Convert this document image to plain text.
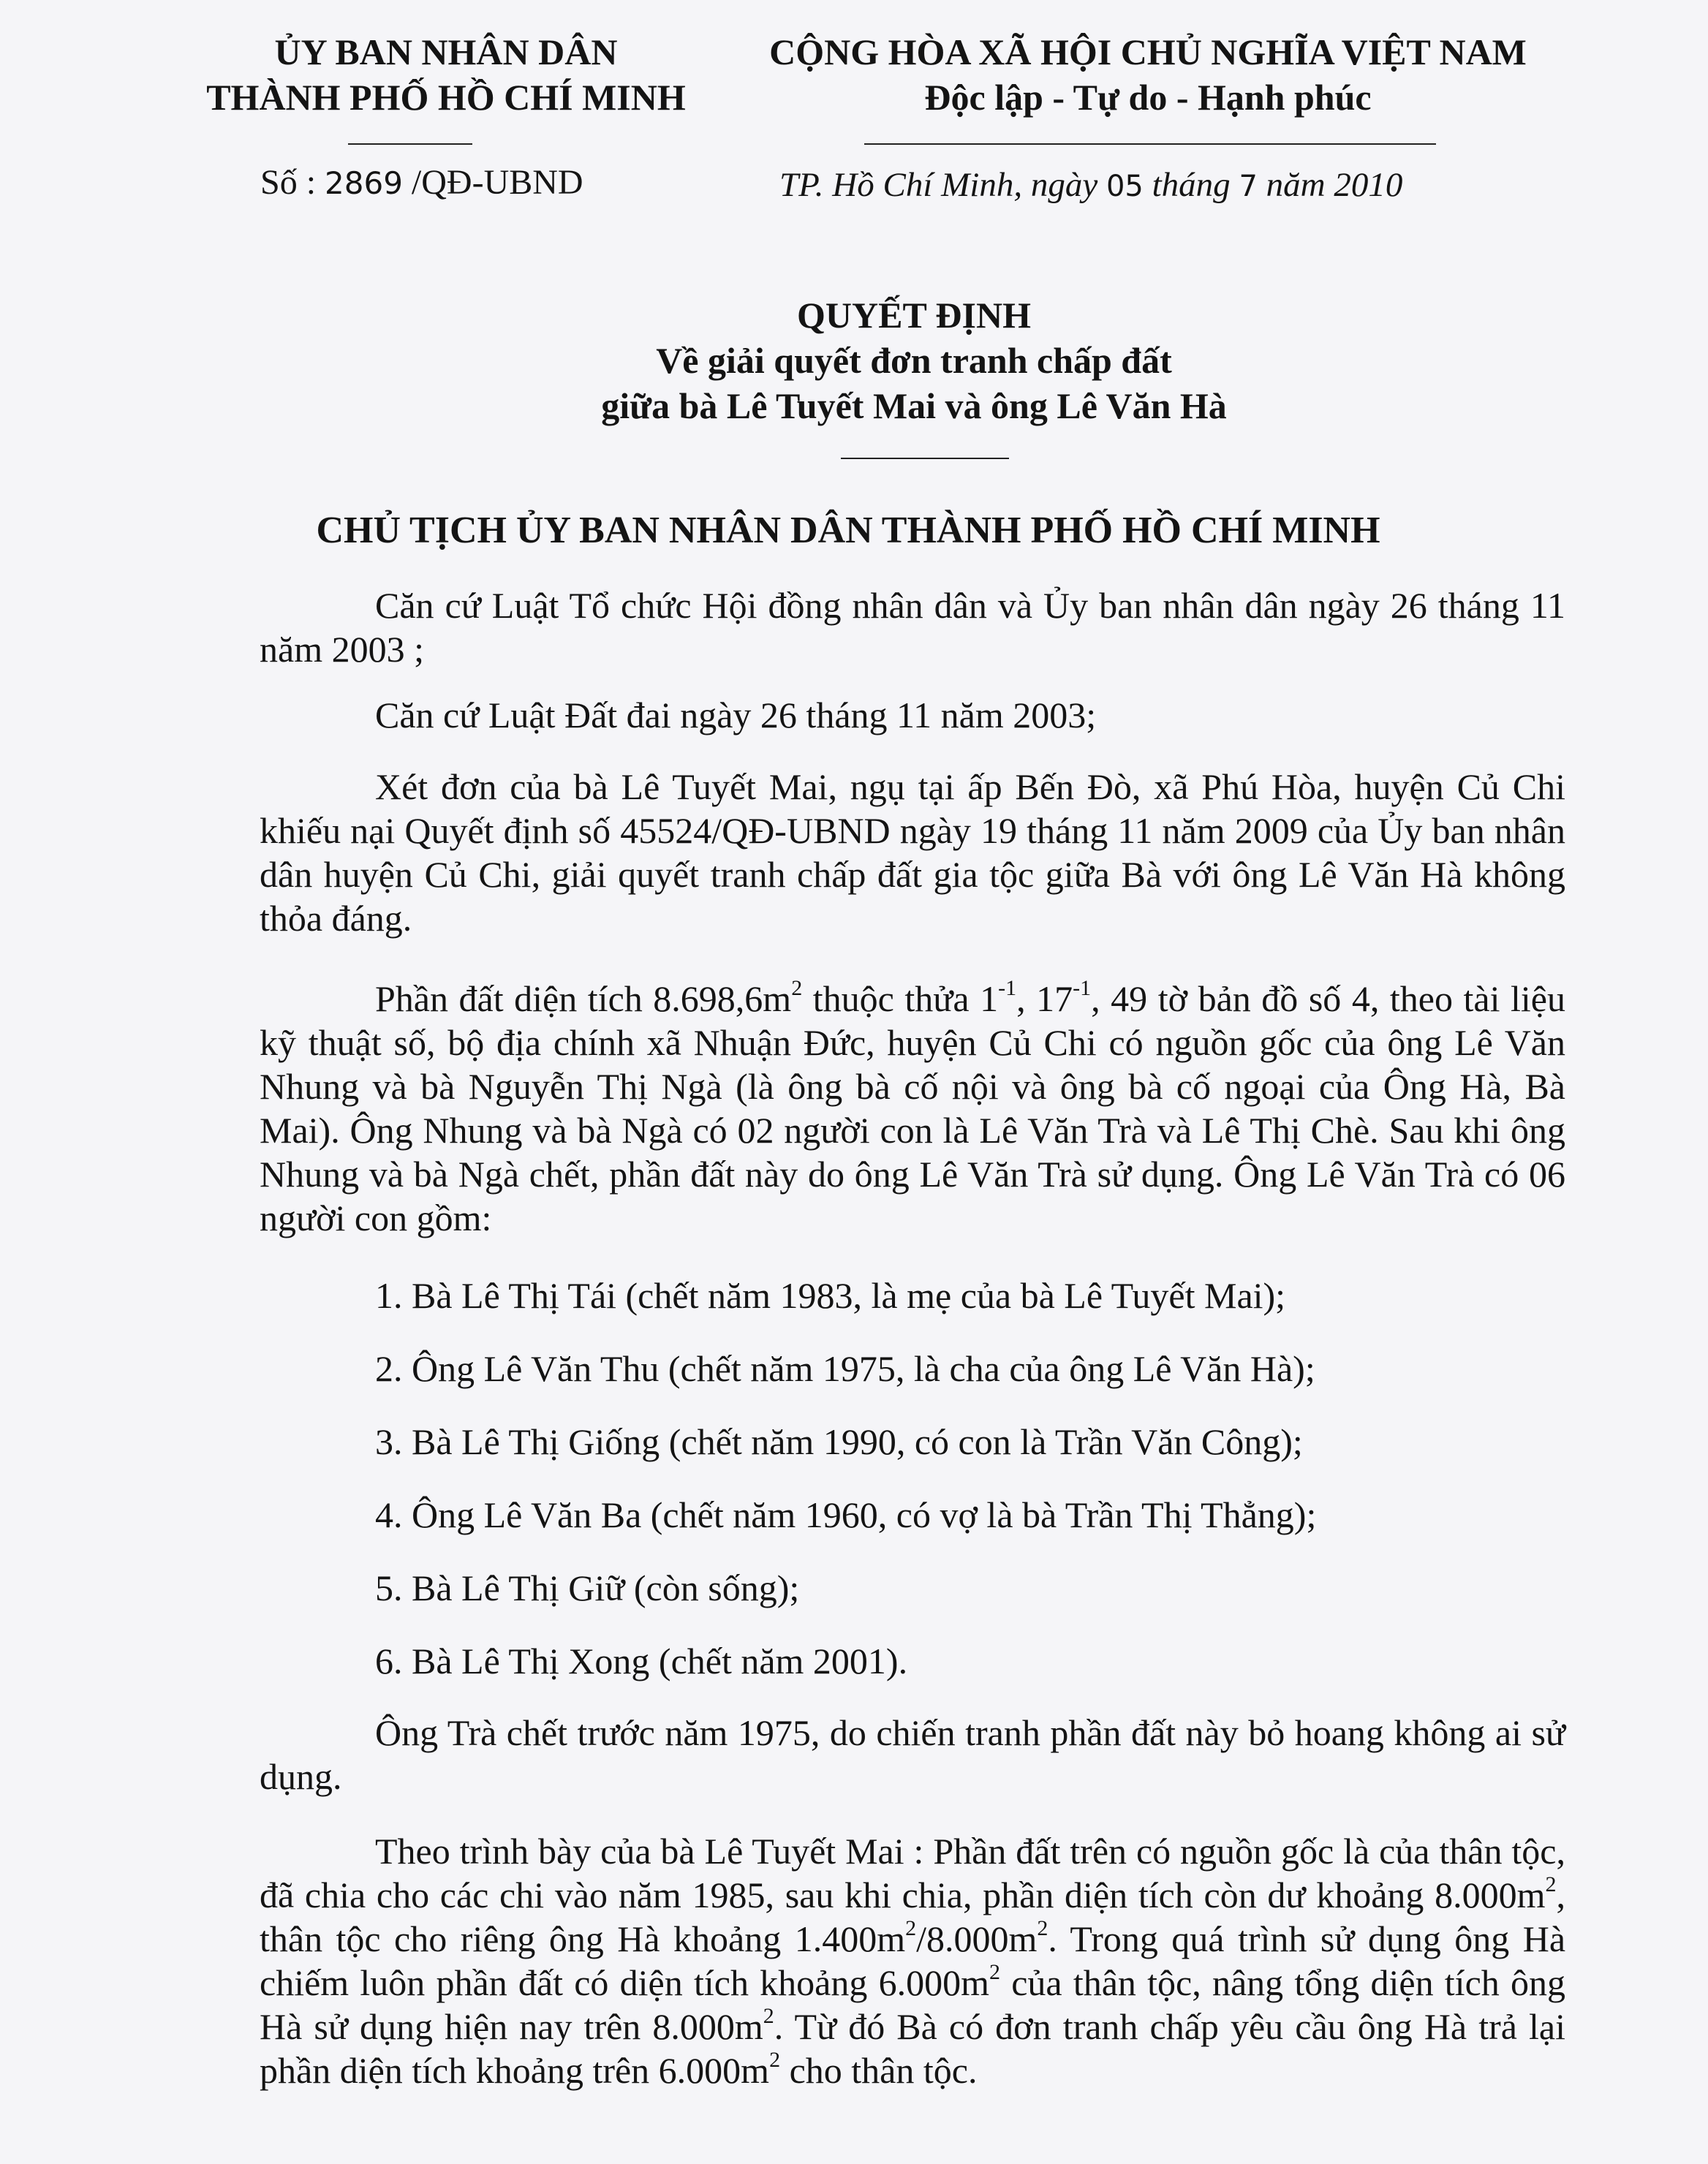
ỦY BAN NHÂN DÂN
THÀNH PHỐ HỒ CHÍ MINH
CỘNG HÒA XÃ HỘI CHỦ NGHĨA VIỆT NAM
Độc lập - Tự do - Hạnh phúc
Số : 2869 /QĐ-UBND	TP. Hồ Chí Minh, ngày 05 tháng 7 năm 2010
QUYẾT ĐỊNH
Về giải quyết đơn tranh chấp đất
giữa bà Lê Tuyết Mai và ông Lê Văn Hà
CHỦ TỊCH ỦY BAN NHÂN DÂN THÀNH PHỐ HỒ CHÍ MINH

Căn cứ Luật Tổ chức Hội đồng nhân dân và Ủy ban nhân dân ngày 26 tháng 11 năm 2003 ;

Căn cứ Luật Đất đai ngày 26 tháng 11 năm 2003;

Xét đơn của bà Lê Tuyết Mai, ngụ tại ấp Bến Đò, xã Phú Hòa, huyện Củ Chi khiếu nại Quyết định số 45524/QĐ-UBND ngày 19 tháng 11 năm 2009 của Ủy ban nhân dân huyện Củ Chi, giải quyết tranh chấp đất gia tộc giữa Bà với ông Lê Văn Hà không thỏa đáng.

Phần đất diện tích $8.698,6m^2$ thuộc thửa $1^{-1}$, $17^{-1}$, 49 tờ bản đồ số 4, theo tài liệu kỹ thuật số, bộ địa chính xã Nhuận Đức, huyện Củ Chi có nguồn gốc của ông Lê Văn Nhung và bà Nguyễn Thị Ngà (là ông bà cố nội và ông bà cố ngoại của Ông Hà, Bà Mai). Ông Nhung và bà Ngà có 02 người con là Lê Văn Trà và Lê Thị Chè. Sau khi ông Nhung và bà Ngà chết, phần đất này do ông Lê Văn Trà sử dụng. Ông Lê Văn Trà có 06 người con gồm:

1. Bà Lê Thị Tái (chết năm 1983, là mẹ của bà Lê Tuyết Mai);

2. Ông Lê Văn Thu (chết năm 1975, là cha của ông Lê Văn Hà);

3. Bà Lê Thị Giống (chết năm 1990, có con là Trần Văn Công);

4. Ông Lê Văn Ba (chết năm 1960, có vợ là bà Trần Thị Thẳng);

5. Bà Lê Thị Giữ (còn sống);

6. Bà Lê Thị Xong (chết năm 2001).

Ông Trà chết trước năm 1975, do chiến tranh phần đất này bỏ hoang không ai sử dụng.

Theo trình bày của bà Lê Tuyết Mai : Phần đất trên có nguồn gốc là của thân tộc, đã chia cho các chi vào năm 1985, sau khi chia, phần diện tích còn dư khoảng $8.000m^2$, thân tộc cho riêng ông Hà khoảng $1.400m^2/8.000m^2$. Trong quá trình sử dụng ông Hà chiếm luôn phần đất có diện tích khoảng $6.000m^2$ của thân tộc, nâng tổng diện tích ông Hà sử dụng hiện nay trên $8.000m^2$. Từ đó Bà có đơn tranh chấp yêu cầu ông Hà trả lại phần diện tích khoảng trên $6.000m^2$ cho thân tộc.
